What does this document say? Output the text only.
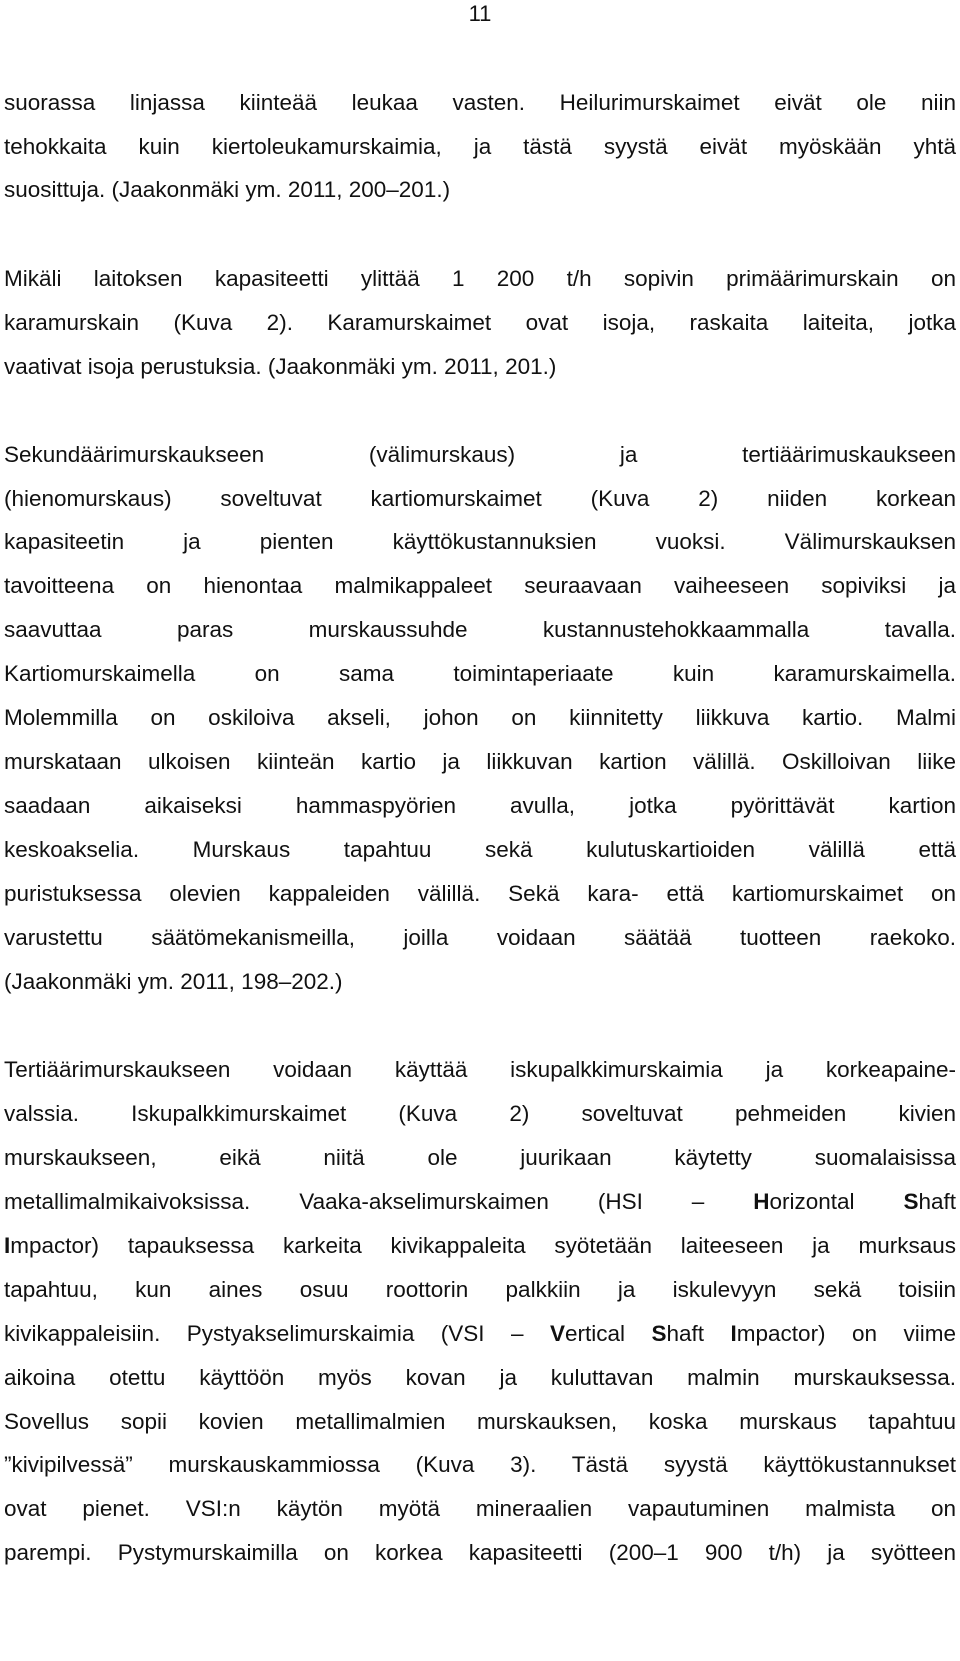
11
suorassa linjassa kiinteää leukaa vasten. Heilurimurskaimet eivät ole niin
tehokkaita kuin kiertoleukamurskaimia, ja tästä syystä eivät myöskään yhtä
suosittuja. (Jaakonmäki ym. 2011, 200–201.)
Mikäli laitoksen kapasiteetti ylittää 1 200 t/h sopivin primäärimurskain on
karamurskain (Kuva 2). Karamurskaimet ovat isoja, raskaita laiteita, jotka
vaativat isoja perustuksia. (Jaakonmäki ym. 2011, 201.)
Sekundäärimurskaukseen (välimurskaus) ja tertiäärimuskaukseen
(hienomurskaus) soveltuvat kartiomurskaimet (Kuva 2) niiden korkean
kapasiteetin ja pienten käyttökustannuksien vuoksi. Välimurskauksen
tavoitteena on hienontaa malmikappaleet seuraavaan vaiheeseen sopiviksi ja
saavuttaa paras murskaussuhde kustannustehokkaammalla tavalla.
Kartiomurskaimella on sama toimintaperiaate kuin karamurskaimella.
Molemmilla on oskiloiva akseli, johon on kiinnitetty liikkuva kartio. Malmi
murskataan ulkoisen kiinteän kartio ja liikkuvan kartion välillä. Oskilloivan liike
saadaan aikaiseksi hammaspyörien avulla, jotka pyörittävät kartion
keskoakselia. Murskaus tapahtuu sekä kulutuskartioiden välillä että
puristuksessa olevien kappaleiden välillä. Sekä kara- että kartiomurskaimet on
varustettu säätömekanismeilla, joilla voidaan säätää tuotteen raekoko.
(Jaakonmäki ym. 2011, 198–202.)
Tertiäärimurskaukseen voidaan käyttää iskupalkkimurskaimia ja korkeapaine-
valssia. Iskupalkkimurskaimet (Kuva 2) soveltuvat pehmeiden kivien
murskaukseen, eikä niitä ole juurikaan käytetty suomalaisissa
metallimalmikaivoksissa. Vaaka-akselimurskaimen (HSI – Horizontal Shaft
Impactor) tapauksessa karkeita kivikappaleita syötetään laiteeseen ja murksaus
tapahtuu, kun aines osuu roottorin palkkiin ja iskulevyyn sekä toisiin
kivikappaleisiin. Pystyakselimurskaimia (VSI – Vertical Shaft Impactor) on viime
aikoina otettu käyttöön myös kovan ja kuluttavan malmin murskauksessa.
Sovellus sopii kovien metallimalmien murskauksen, koska murskaus tapahtuu
”kivipilvessä” murskauskammiossa (Kuva 3). Tästä syystä käyttökustannukset
ovat pienet. VSI:n käytön myötä mineraalien vapautuminen malmista on
parempi. Pystymurskaimilla on korkea kapasiteetti (200–1 900 t/h) ja syötteen
